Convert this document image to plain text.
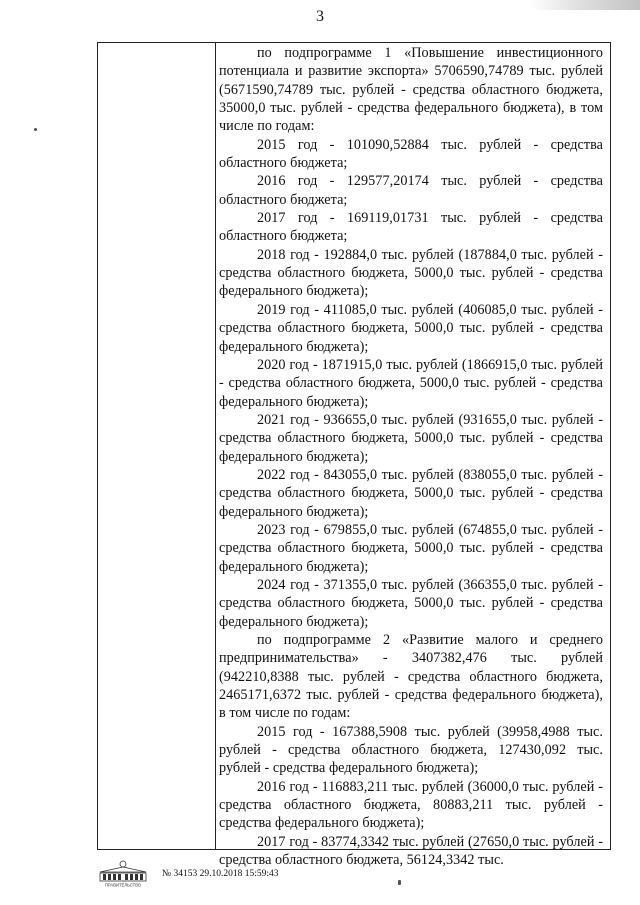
3

по подпрограмме 1 «Повышение инвестиционного потенциала и развитие экспорта» 5706590,74789 тыс. рублей (5671590,74789 тыс. рублей - средства областного бюджета, 35000,0 тыс. рублей - средства федерального бюджета), в том числе по годам:

2015 год - 101090,52884 тыс. рублей - средства областного бюджета;

2016 год - 129577,20174 тыс. рублей - средства областного бюджета;

2017 год - 169119,01731 тыс. рублей - средства областного бюджета;

2018 год - 192884,0 тыс. рублей (187884,0 тыс. рублей - средства областного бюджета, 5000,0 тыс. рублей - средства федерального бюджета);

2019 год - 411085,0 тыс. рублей (406085,0 тыс. рублей - средства областного бюджета, 5000,0 тыс. рублей - средства федерального бюджета);

2020 год - 1871915,0 тыс. рублей (1866915,0 тыс. рублей - средства областного бюджета, 5000,0 тыс. рублей - средства федерального бюджета);

2021 год - 936655,0 тыс. рублей (931655,0 тыс. рублей - средства областного бюджета, 5000,0 тыс. рублей - средства федерального бюджета);

2022 год - 843055,0 тыс. рублей (838055,0 тыс. рублей - средства областного бюджета, 5000,0 тыс. рублей - средства федерального бюджета);

2023 год - 679855,0 тыс. рублей (674855,0 тыс. рублей - средства областного бюджета, 5000,0 тыс. рублей - средства федерального бюджета);

2024 год - 371355,0 тыс. рублей (366355,0 тыс. рублей - средства областного бюджета, 5000,0 тыс. рублей - средства федерального бюджета);

по подпрограмме 2 «Развитие малого и среднего предпринимательства» - 3407382,476 тыс. рублей (942210,8388 тыс. рублей - средства областного бюджета, 2465171,6372 тыс. рублей - средства федерального бюджета), в том числе по годам:

2015 год - 167388,5908 тыс. рублей (39958,4988 тыс. рублей - средства областного бюджета, 127430,092 тыс. рублей - средства федерального бюджета);

2016 год - 116883,211 тыс. рублей (36000,0 тыс. рублей - средства областного бюджета, 80883,211 тыс. рублей - средства федерального бюджета);

2017 год - 83774,3342 тыс. рублей (27650,0 тыс. рублей - средства областного бюджета, 56124,3342 тыс.

ПРАВИТЕЛЬСТВО
№ 34153 29.10.2018 15:59:43
